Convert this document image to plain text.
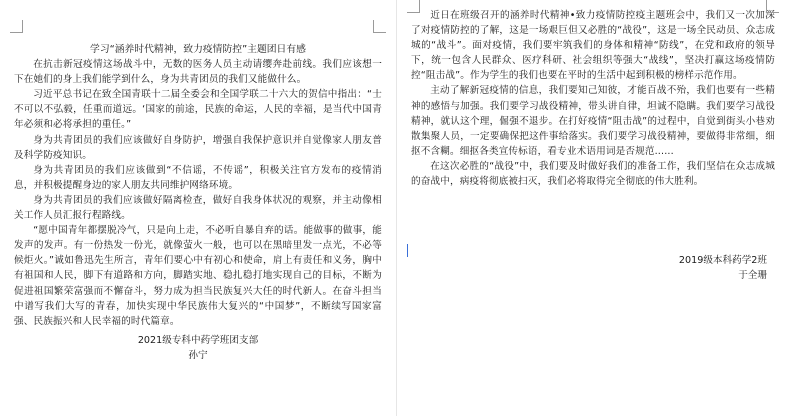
学习“涵养时代精神，致力疫情防控”主题团日有感

在抗击新冠疫情这场战斗中，无数的医务人员主动请缨奔赴前线。我们应该想一下在她们的身上我们能学到什么，身为共青团员的我们又能做什么。

习近平总书记在致全国青联十二届全委会和全国学联二十六大的贺信中指出：“士不可以不弘毅，任重而道远。‘国家的前途，民族的命运，人民的幸福，是当代中国青年必须和必将承担的重任。”

身为共青团员的我们应该做好自身防护，增强自我保护意识并自觉像家人朋友普及科学防疫知识。

身为共青团员的我们应该做到“不信谣，不传谣”，积极关注官方发布的疫情消息，并积极提醒身边的家人朋友共同维护网络环境。

身为共青团员的我们应该做好隔离检查，做好自我身体状况的观察，并主动像相关工作人员汇报行程路线。

“愿中国青年都摆脱冷气，只是向上走，不必听自暴自弃的话。能做事的做事，能发声的发声。有一份热发一份光，就像萤火一般，也可以在黑暗里发一点光，不必等候炬火。”诚如鲁迅先生所言，青年们要心中有初心和使命，肩上有责任和义务，胸中有祖国和人民，脚下有道路和方向，脚踏实地、稳扎稳打地实现自己的目标，不断为促进祖国繁荣富强而不懈奋斗，努力成为担当民族复兴大任的时代新人。在奋斗担当中谱写我们大写的青春，加快实现中华民族伟大复兴的“中国梦”，不断续写国家富强、民族振兴和人民幸福的时代篇章。

2021级专科中药学班团支部

孙宁

近日在班级召开的涵养时代精神•致力疫情防控疫主题班会中，我们又一次加深了对疫情防控的了解，这是一场艰巨但又必胜的“战役”，这是一场全民动员、众志成城的“战斗”。面对疫情，我们要牢筑我们的身体和精神“防线”，在党和政府的领导下，统一包含人民群众、医疗科研、社会组织等强大“战线”，坚决打赢这场疫情防控“阻击战”。作为学生的我们也要在平时的生活中起到积极的榜样示范作用。

主动了解新冠疫情的信息，我们要知己知彼，才能百战不殆，我们也要有一些精神的感悟与加强。我们要学习战役精神，带头讲自律，坦诚不隐瞒。我们要学习战役精神，就认这个理，倔强不退步。在打好疫情“阻击战”的过程中，自觉到街头小巷劝散集聚人员，一定要确保把这件事给落实。我们要学习战役精神，要做得非常细，细抠不含糊。细抠各类宣传标语，看专业术语用词是否规范......

在这次必胜的“战役”中，我们要及时做好我们的准备工作，我们坚信在众志成城的奋战中，病疫将彻底被扫灭，我们必将取得完全彻底的伟大胜利。

2019级本科药学2班

于全珊
